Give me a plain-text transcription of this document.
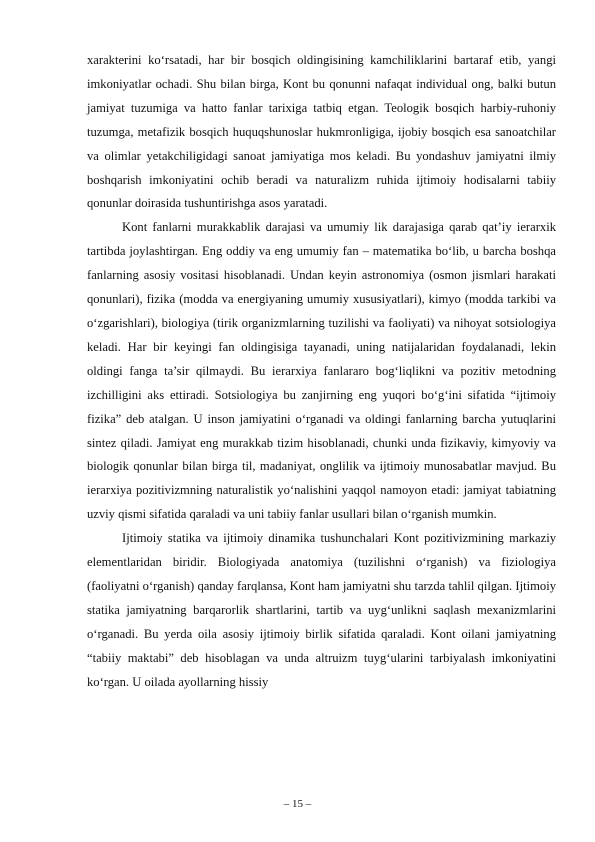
xarakterini ko‘rsatadi, har bir bosqich oldingisining kamchiliklarini bartaraf etib, yangi imkoniyatlar ochadi. Shu bilan birga, Kont bu qonunni nafaqat individual ong, balki butun jamiyat tuzumiga va hatto fanlar tarixiga tatbiq etgan. Teologik bosqich harbiy-ruhoniy tuzumga, metafizik bosqich huquqshunoslar hukmronligiga, ijobiy bosqich esa sanoatchilar va olimlar yetakchiligidagi sanoat jamiyatiga mos keladi. Bu yondashuv jamiyatni ilmiy boshqarish imkoniyatini ochib beradi va naturalizm ruhida ijtimoiy hodisalarni tabiiy qonunlar doirasida tushuntirishga asos yaratadi.

Kont fanlarni murakkablik darajasi va umumiy lik darajasiga qarab qat’iy ierarxik tartibda joylashtirgan. Eng oddiy va eng umumiy fan – matematika bo‘lib, u barcha boshqa fanlarning asosiy vositasi hisoblanadi. Undan keyin astronomiya (osmon jismlari harakati qonunlari), fizika (modda va energiyaning umumiy xususiyatlari), kimyo (modda tarkibi va o‘zgarishlari), biologiya (tirik organizmlarning tuzilishi va faoliyati) va nihoyat sotsiologiya keladi. Har bir keyingi fan oldingisiga tayanadi, uning natijalaridan foydalanadi, lekin oldingi fanga ta’sir qilmaydi. Bu ierarxiya fanlararo bog‘liqlikni va pozitiv metodning izchilligini aks ettiradi. Sotsiologiya bu zanjirning eng yuqori bo‘g‘ini sifatida “ijtimoiy fizika” deb atalgan. U inson jamiyatini o‘rganadi va oldingi fanlarning barcha yutuqlarini sintez qiladi. Jamiyat eng murakkab tizim hisoblanadi, chunki unda fizikaviy, kimyoviy va biologik qonunlar bilan birga til, madaniyat, onglilik va ijtimoiy munosabatlar mavjud. Bu ierarxiya pozitivizmning naturalistik yo‘nalishini yaqqol namoyon etadi: jamiyat tabiatning uzviy qismi sifatida qaraladi va uni tabiiy fanlar usullari bilan o‘rganish mumkin.

Ijtimoiy statika va ijtimoiy dinamika tushunchalari Kont pozitivizmining markaziy elementlaridan biridir. Biologiyada anatomiya (tuzilishni o‘rganish) va fiziologiya (faoliyatni o‘rganish) qanday farqlansa, Kont ham jamiyatni shu tarzda tahlil qilgan. Ijtimoiy statika jamiyatning barqarorlik shartlarini, tartib va uyg‘unlikni saqlash mexanizmlarini o‘rganadi. Bu yerda oila asosiy ijtimoiy birlik sifatida qaraladi. Kont oilani jamiyatning “tabiiy maktabi” deb hisoblagan va unda altruizm tuyg‘ularini tarbiyalash imkoniyatini ko‘rgan. U oilada ayollarning hissiy

– 15 –
